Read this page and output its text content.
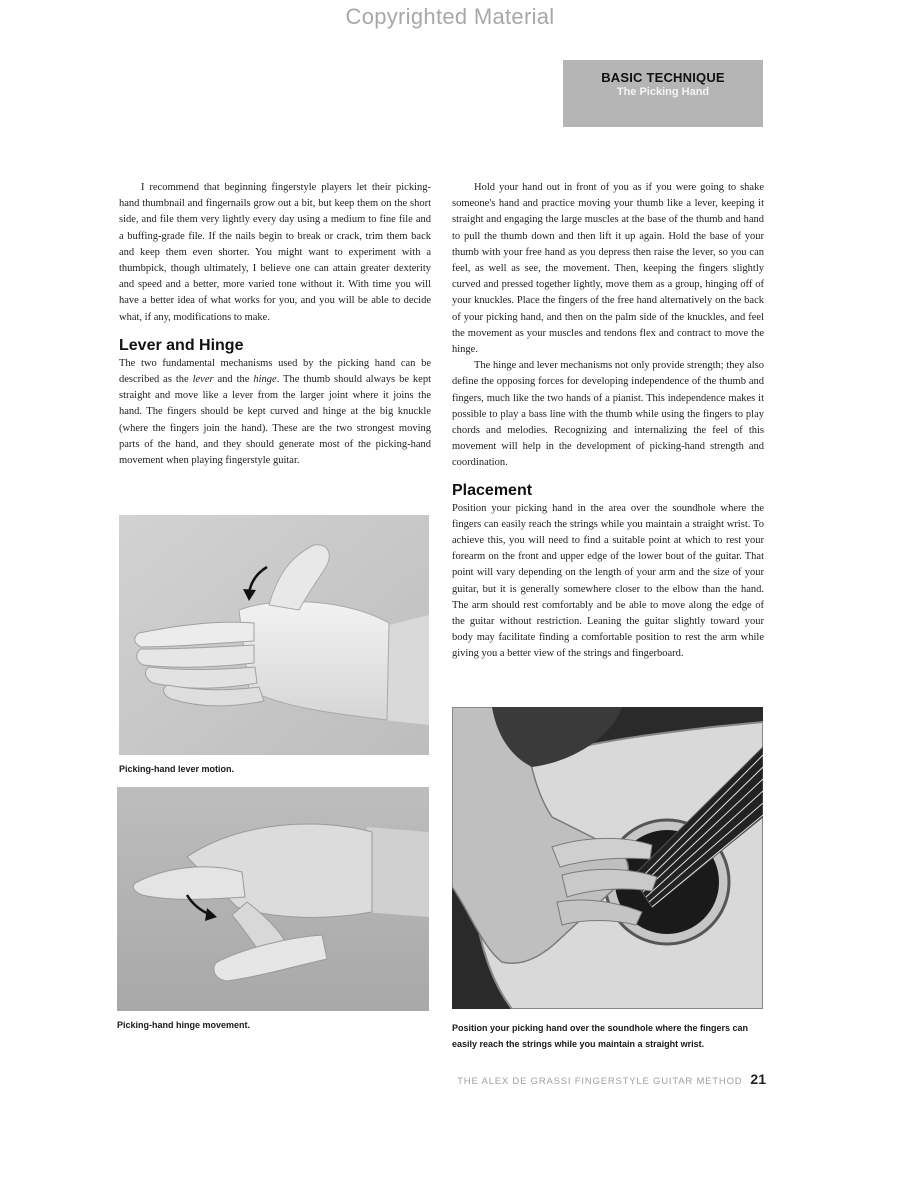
Copyrighted Material
BASIC TECHNIQUE
The Picking Hand

I recommend that beginning fingerstyle players let their picking-hand thumbnail and fingernails grow out a bit, but keep them on the short side, and file them very lightly every day using a medium to fine file and a buffing-grade file. If the nails begin to break or crack, trim them back and keep them even shorter. You might want to experiment with a thumbpick, though ultimately, I believe one can attain greater dexterity and speed and a better, more varied tone without it. With time you will have a better idea of what works for you, and you will be able to decide what, if any, modifications to make.

Lever and Hinge

The two fundamental mechanisms used by the picking hand can be described as the lever and the hinge. The thumb should always be kept straight and move like a lever from the larger joint where it joins the hand. The fingers should be kept curved and hinge at the big knuckle (where the fingers join the hand). These are the two strongest moving parts of the hand, and they should generate most of the picking-hand movement when playing fingerstyle guitar.

Hold your hand out in front of you as if you were going to shake someone's hand and practice moving your thumb like a lever, keeping it straight and engaging the large muscles at the base of the thumb and hand to pull the thumb down and then lift it up again. Hold the base of your thumb with your free hand as you depress then raise the lever, so you can feel, as well as see, the movement. Then, keeping the fingers slightly curved and pressed together lightly, move them as a group, hinging off of your knuckles. Place the fingers of the free hand alternatively on the back of your picking hand, and then on the palm side of the knuckles, and feel the movement as your muscles and tendons flex and contract to move the hinge.

The hinge and lever mechanisms not only provide strength; they also define the opposing forces for developing independence of the thumb and fingers, much like the two hands of a pianist. This independence makes it possible to play a bass line with the thumb while using the fingers to play chords and melodies. Recognizing and internalizing the feel of this movement will help in the development of picking-hand strength and coordination.

Placement

Position your picking hand in the area over the soundhole where the fingers can easily reach the strings while you maintain a straight wrist. To achieve this, you will need to find a suitable point at which to rest your forearm on the front and upper edge of the lower bout of the guitar. That point will vary depending on the length of your arm and the size of your guitar, but it is generally somewhere closer to the elbow than the hand. The arm should rest comfortably and be able to move along the edge of the guitar without restriction. Leaning the guitar slightly toward your body may facilitate finding a comfortable position to rest the arm while giving you a better view of the strings and fingerboard.

Picking-hand lever motion.
Picking-hand hinge movement.	Position your picking hand over the soundhole where the fingers can easily reach the strings while you maintain a straight wrist.
THE ALEX DE GRASSI FINGERSTYLE GUITAR METHOD 21
